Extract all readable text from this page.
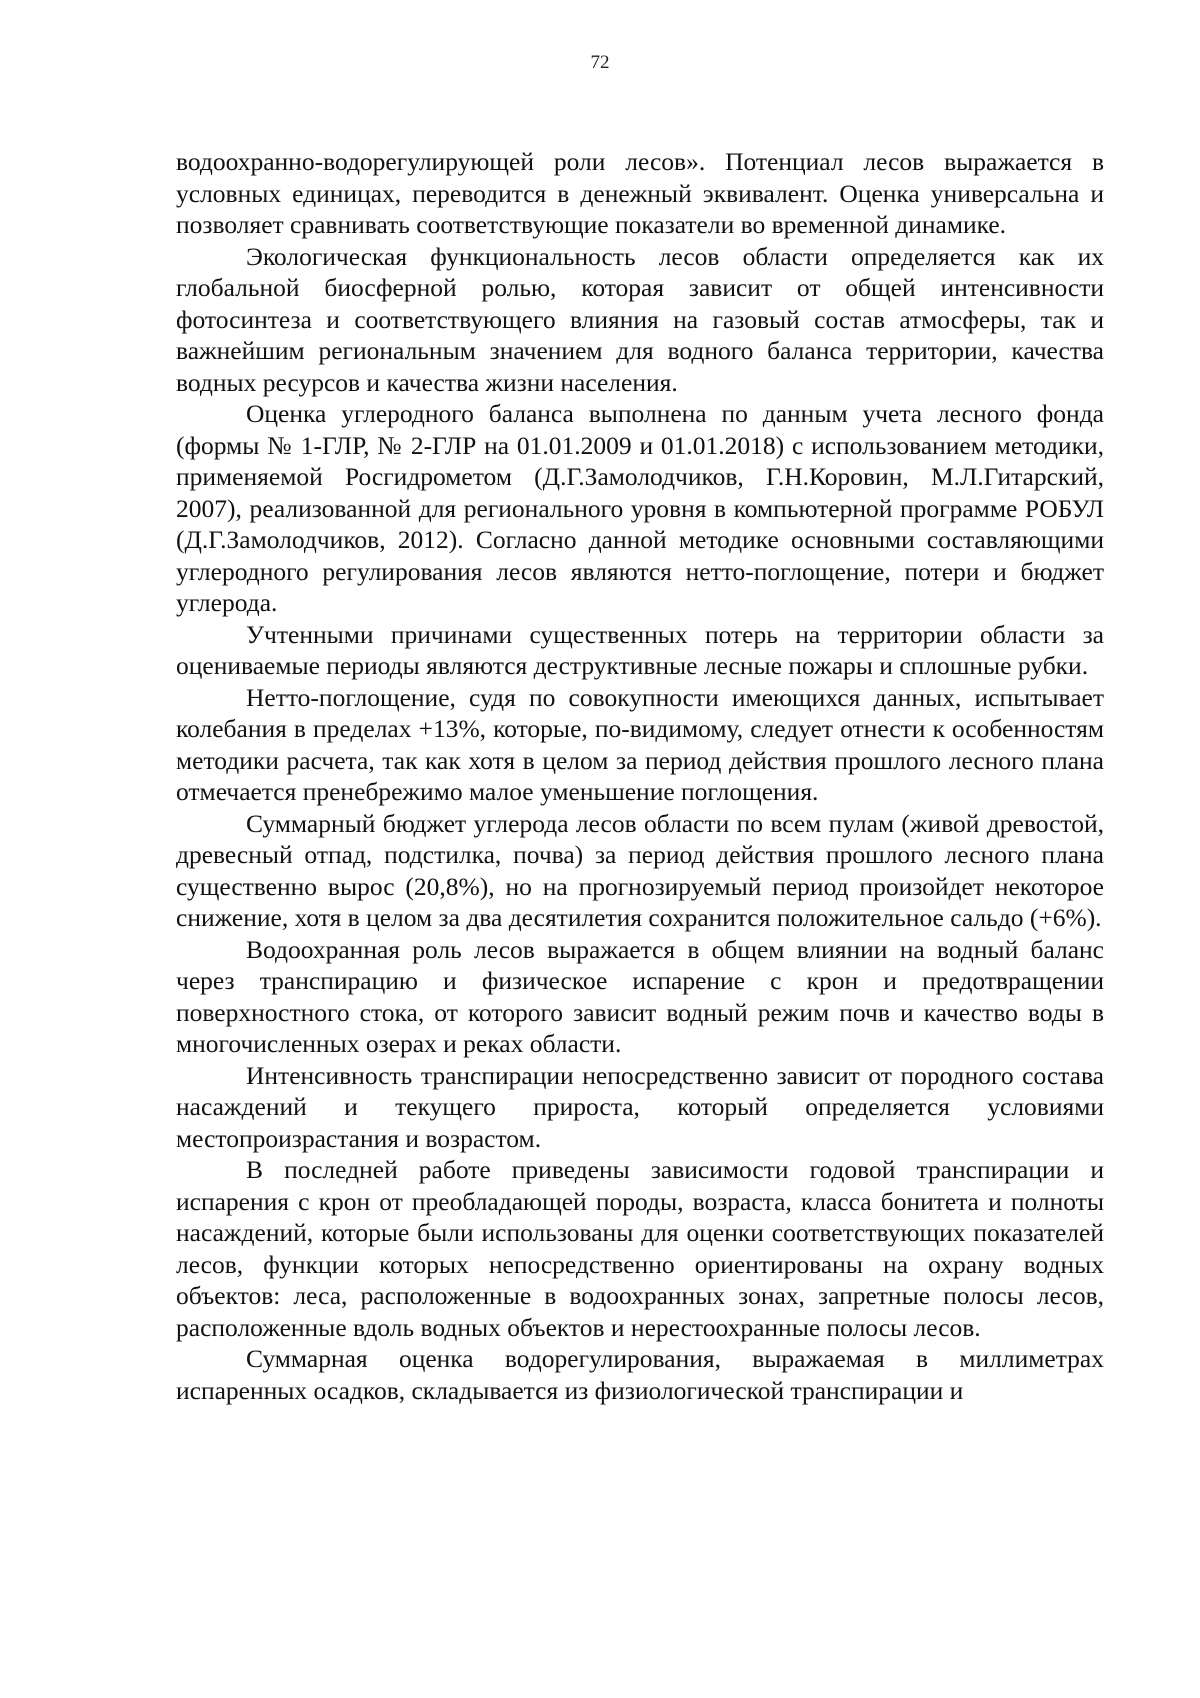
72

водоохранно-водорегулирующей роли лесов». Потенциал лесов выражается в условных единицах, переводится в денежный эквивалент. Оценка универсальна и позволяет сравнивать соответствующие показатели во временной динамике.

Экологическая функциональность лесов области определяется как их глобальной биосферной ролью, которая зависит от общей интенсивности фотосинтеза и соответствующего влияния на газовый состав атмосферы, так и важнейшим региональным значением для водного баланса территории, качества водных ресурсов и качества жизни населения.

Оценка углеродного баланса выполнена по данным учета лесного фонда (формы № 1-ГЛР, № 2-ГЛР на 01.01.2009 и 01.01.2018) с использованием методики, применяемой Росгидрометом (Д.Г.Замолодчиков, Г.Н.Коровин, М.Л.Гитарский, 2007), реализованной для регионального уровня в компьютерной программе РОБУЛ (Д.Г.Замолодчиков, 2012). Согласно данной методике основными составляющими углеродного регулирования лесов являются нетто-поглощение, потери и бюджет углерода.

Учтенными причинами существенных потерь на территории области за оцениваемые периоды являются деструктивные лесные пожары и сплошные рубки.

Нетто-поглощение, судя по совокупности имеющихся данных, испытывает колебания в пределах +13%, которые, по-видимому, следует отнести к особенностям методики расчета, так как хотя в целом за период действия прошлого лесного плана отмечается пренебрежимо малое уменьшение поглощения.

Суммарный бюджет углерода лесов области по всем пулам (живой древостой, древесный отпад, подстилка, почва) за период действия прошлого лесного плана существенно вырос (20,8%), но на прогнозируемый период произойдет некоторое снижение, хотя в целом за два десятилетия сохранится положительное сальдо (+6%).

Водоохранная роль лесов выражается в общем влиянии на водный баланс через транспирацию и физическое испарение с крон и предотвращении поверхностного стока, от которого зависит водный режим почв и качество воды в многочисленных озерах и реках области.

Интенсивность транспирации непосредственно зависит от породного состава насаждений и текущего прироста, который определяется условиями местопроизрастания и возрастом.

В последней работе приведены зависимости годовой транспирации и испарения с крон от преобладающей породы, возраста, класса бонитета и полноты насаждений, которые были использованы для оценки соответствующих показателей лесов, функции которых непосредственно ориентированы на охрану водных объектов: леса, расположенные в водоохранных зонах, запретные полосы лесов, расположенные вдоль водных объектов и нерестоохранные полосы лесов.

Суммарная оценка водорегулирования, выражаемая в миллиметрах испаренных осадков, складывается из физиологической транспирации и
